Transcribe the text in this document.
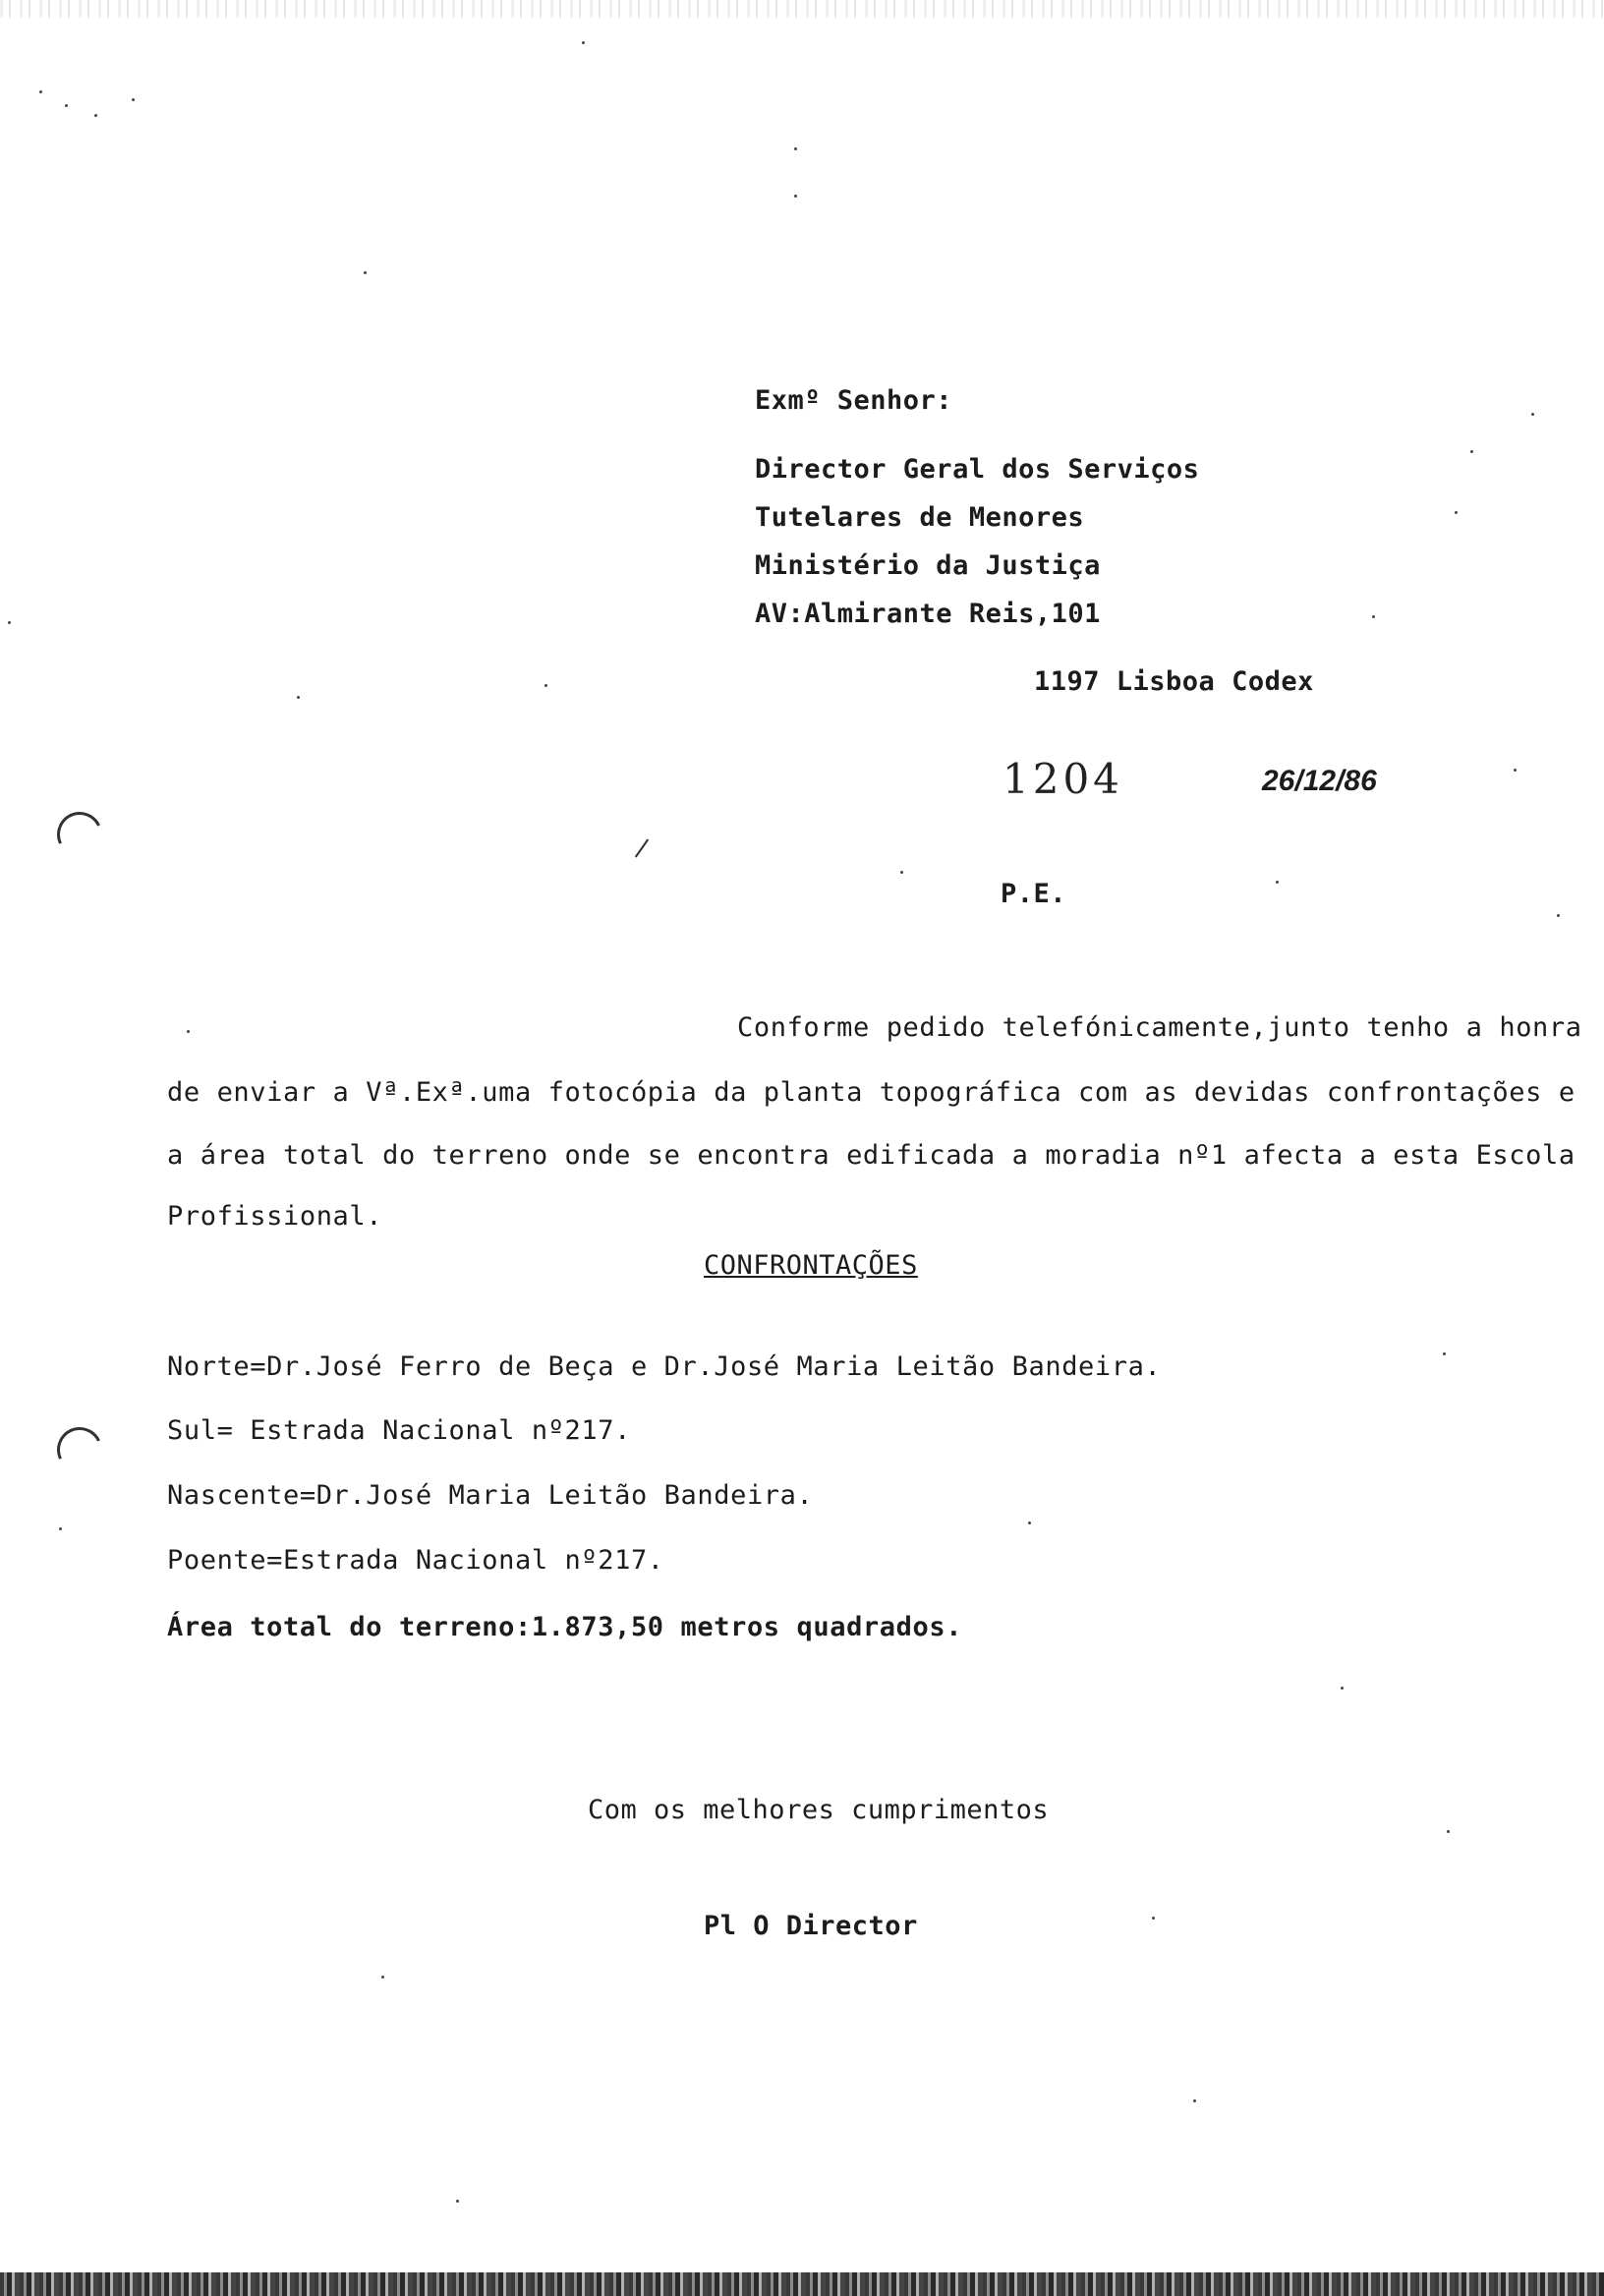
Exmº Senhor:
Director Geral dos Serviços
Tutelares de Menores
Ministério da Justiça
AV:Almirante Reis,101
1197 Lisboa Codex
1204	26/12/86
P.E.
Conforme pedido telefónicamente,junto tenho a honra
de enviar a Vª.Exª.uma fotocópia da planta topográfica com as devidas confrontações e
a área total do terreno onde se encontra edificada a moradia nº1 afecta a esta Escola
Profissional.
CONFRONTAÇÕES
Norte=Dr.José Ferro de Beça e Dr.José Maria Leitão Bandeira.
Sul= Estrada Nacional nº217.
Nascente=Dr.José Maria Leitão Bandeira.
Poente=Estrada Nacional nº217.
Área total do terreno:1.873,50 metros quadrados.
Com os melhores cumprimentos
Pl O Director
